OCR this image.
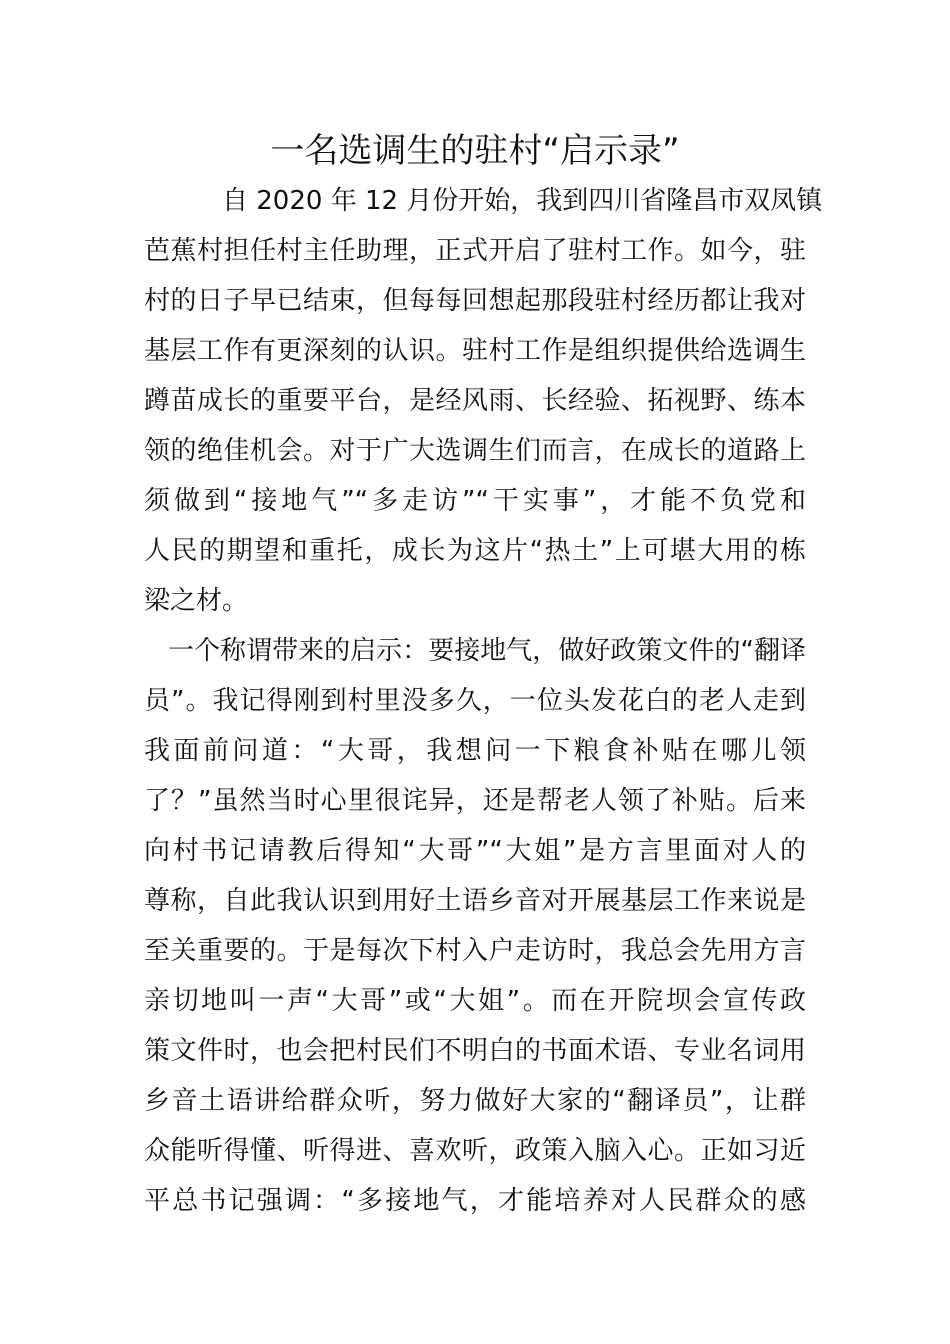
一名选调生的驻村“启示录”
自 2020 年 12 月份开始，我到四川省隆昌市双凤镇
芭蕉村担任村主任助理，正式开启了驻村工作。如今，驻
村的日子早已结束，但每每回想起那段驻村经历都让我对
基层工作有更深刻的认识。驻村工作是组织提供给选调生
蹲苗成长的重要平台，是经风雨、长经验、拓视野、练本
领的绝佳机会。对于广大选调生们而言，在成长的道路上
须做到“接地气”“多走访”“干实事”，才能不负党和
人民的期望和重托，成长为这片“热土”上可堪大用的栋
梁之材。
一个称谓带来的启示：要接地气，做好政策文件的“翻译
员”。我记得刚到村里没多久，一位头发花白的老人走到
我面前问道：“大哥，我想问一下粮食补贴在哪儿领
了？”虽然当时心里很诧异，还是帮老人领了补贴。后来
向村书记请教后得知“大哥”“大姐”是方言里面对人的
尊称，自此我认识到用好土语乡音对开展基层工作来说是
至关重要的。于是每次下村入户走访时，我总会先用方言
亲切地叫一声“大哥”或“大姐”。而在开院坝会宣传政
策文件时，也会把村民们不明白的书面术语、专业名词用
乡音土语讲给群众听，努力做好大家的“翻译员”，让群
众能听得懂、听得进、喜欢听，政策入脑入心。正如习近
平总书记强调：“多接地气，才能培养对人民群众的感
